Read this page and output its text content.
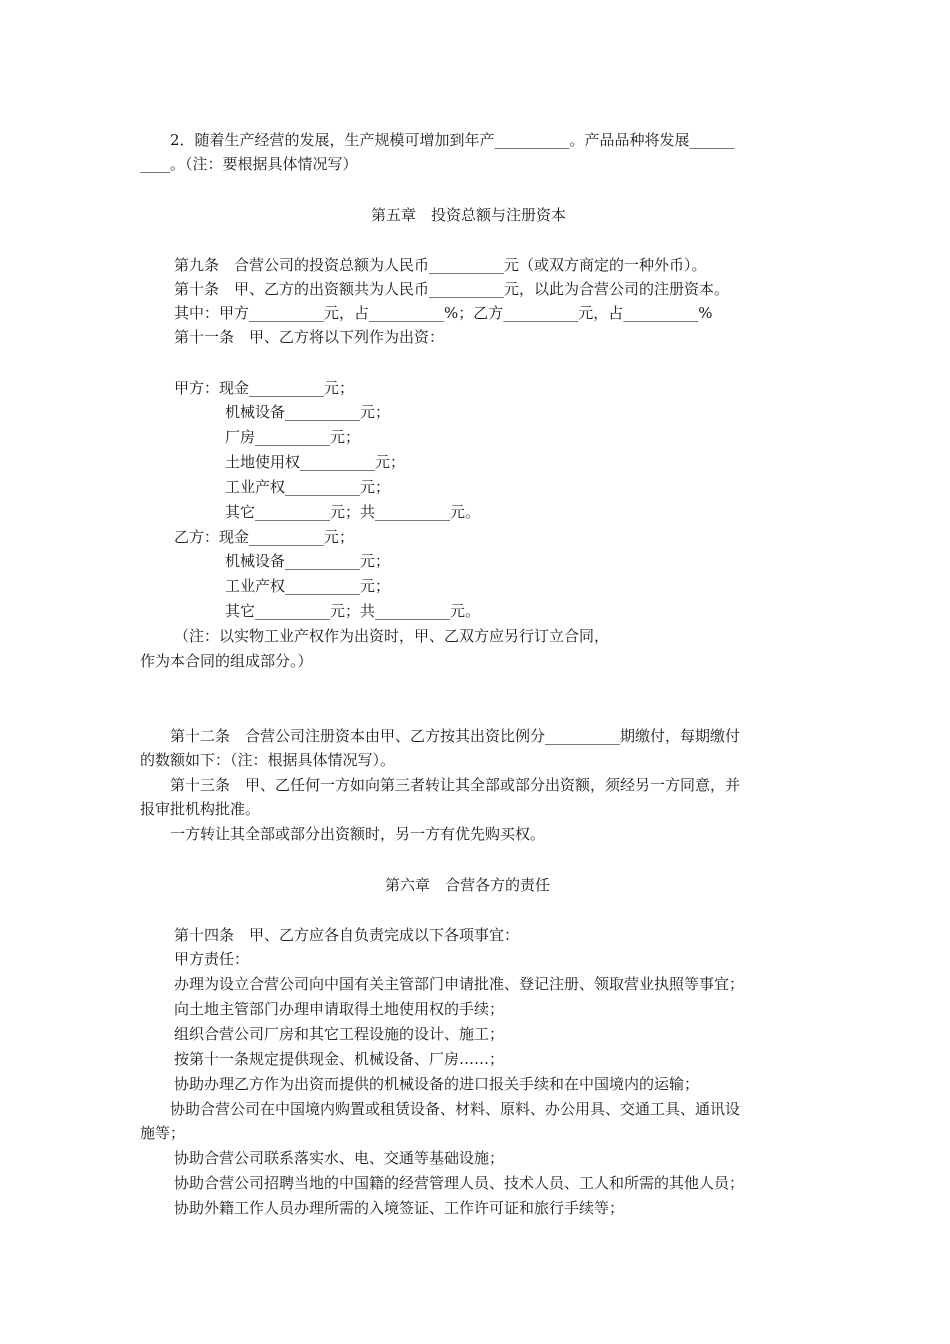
　　2．随着生产经营的发展，生产规模可增加到年产__________。产品品种将发展______
____。（注：要根据具体情况写）
第五章　投资总额与注册资本
第九条　合营公司的投资总额为人民币__________元（或双方商定的一种外币）。
第十条　甲、乙方的出资额共为人民币__________元，以此为合营公司的注册资本。
其中：甲方__________元，占__________%；乙方__________元，占__________%
第十一条　甲、乙方将以下列作为出资：
甲方：现金__________元；
机械设备__________元；
厂房__________元；
土地使用权__________元；
工业产权__________元；
其它__________元；共__________元。
乙方：现金__________元；
机械设备__________元；
工业产权__________元；
其它__________元；共__________元。
（注：以实物工业产权作为出资时，甲、乙双方应另行订立合同，
作为本合同的组成部分。）
　　第十二条　合营公司注册资本由甲、乙方按其出资比例分__________期缴付，每期缴付
的数额如下：（注：根据具体情况写）。
　　第十三条　甲、乙任何一方如向第三者转让其全部或部分出资额，须经另一方同意，并
报审批机构批准。
　　一方转让其全部或部分出资额时，另一方有优先购买权。
第六章　合营各方的责任
第十四条　甲、乙方应各自负责完成以下各项事宜：
甲方责任：
办理为设立合营公司向中国有关主管部门申请批准、登记注册、领取营业执照等事宜；
向土地主管部门办理申请取得土地使用权的手续；
组织合营公司厂房和其它工程设施的设计、施工；
按第十一条规定提供现金、机械设备、厂房……；
协助办理乙方作为出资而提供的机械设备的进口报关手续和在中国境内的运输；
　　协助合营公司在中国境内购置或租赁设备、材料、原料、办公用具、交通工具、通讯设
施等；
协助合营公司联系落实水、电、交通等基础设施；
协助合营公司招聘当地的中国籍的经营管理人员、技术人员、工人和所需的其他人员；
协助外籍工作人员办理所需的入境签证、工作许可证和旅行手续等；
